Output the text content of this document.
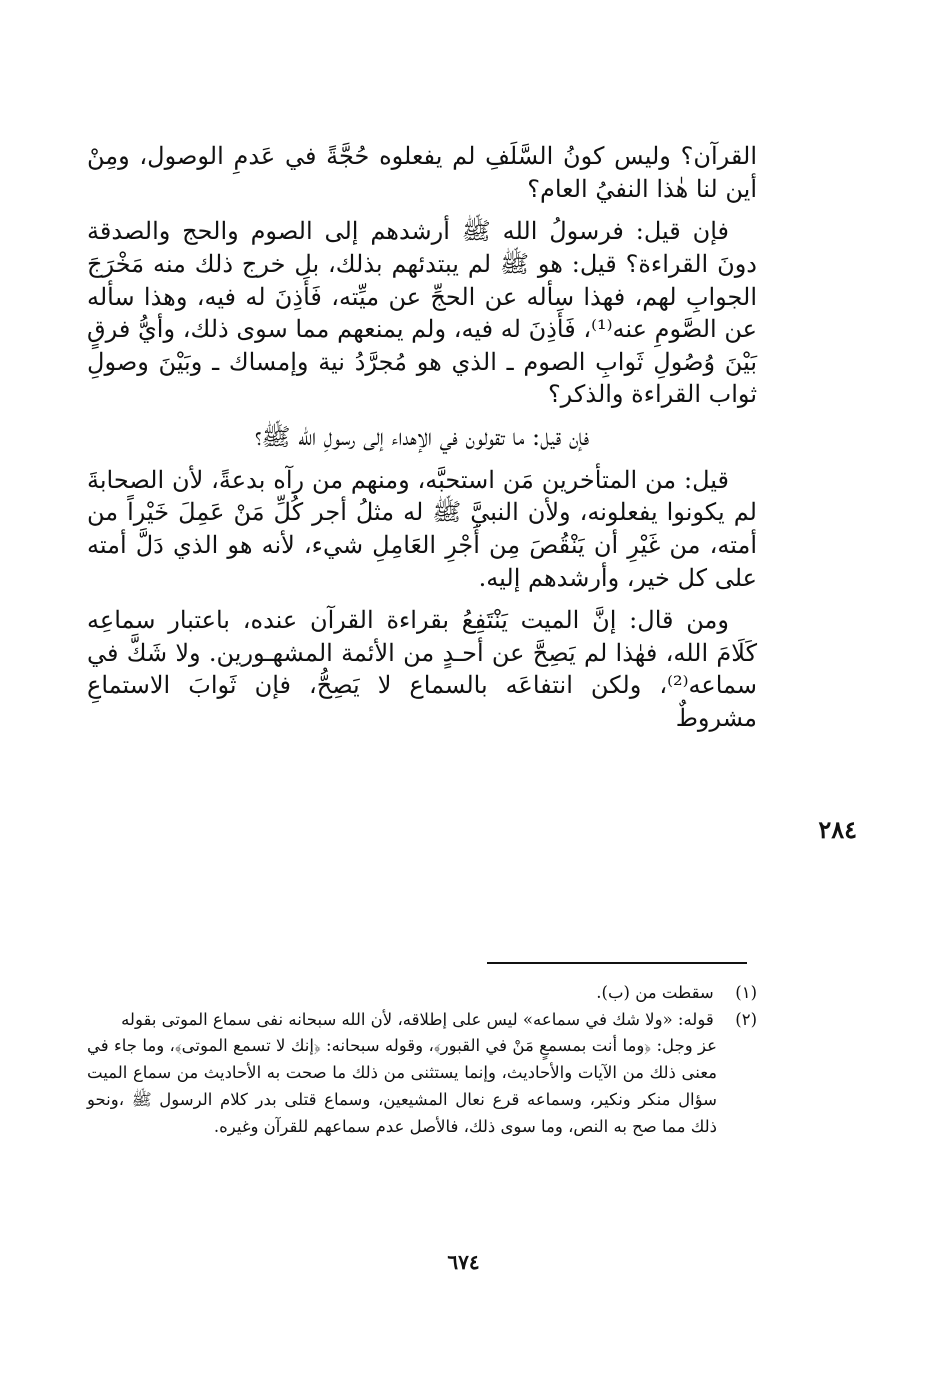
القرآن؟ وليس كونُ السَّلَفِ لم يفعلوه حُجَّةً في عَدمِ الوصول، ومِنْ أين لنا هٰذا النفيُ العام؟

فإن قيل: فرسولُ الله ﷺ أرشدهم إلى الصوم والحج والصدقة دونَ القراءة؟ قيل: هو ﷺ لم يبتدئهم بذلك، بل خرج ذلك منه مَخْرَجَ الجوابِ لهم، فهذا سأله عن الحجِّ عن ميِّته، فَأَذِنَ له فيه، وهذا سأله عن الصَّومِ عنه⁽¹⁾، فَأَذِنَ له فيه، ولم يمنعهم مما سوى ذلك، وأيُّ فرقٍ بَيْنَ وُصُولِ ثَوابِ الصوم ـ الذي هو مُجرَّدُ نية وإمساك ـ وبَيْنَ وصولِ ثواب القراءة والذكر؟

فإن قيل: ما تقولون في الإهداء إلى رسولِ الله ﷺ؟

قيل: من المتأخرين مَن استحبَّه، ومنهم من رآه بدعةً، لأن الصحابةَ لم يكونوا يفعلونه، ولأن النبيَّ ﷺ له مثلُ أجر كُلِّ مَنْ عَمِلَ خَيْراً من أمته، من غَيْرِ أن يَنْقُصَ مِن أَجْرِ العَامِلِ شيء، لأنه هو الذي دَلَّ أمته على كل خير، وأرشدهم إليه.

ومن قال: إنَّ الميت يَنْتَفِعُ بقراءة القرآن عنده، باعتبار سماعِه كَلَامَ الله، فهٰذا لم يَصِحَّ عن أحـدٍ من الأئمة المشهـورين. ولا شَكَّ في سماعه⁽²⁾، ولكن انتفاعَه بالسماع لا يَصِحُّ، فإن ثَوابَ الاستماعِ مشروطٌ

٢٨٤

(١) سقطت من (ب).

(٢) قوله: «ولا شك في سماعه» ليس على إطلاقه، لأن الله سبحانه نفى سماع الموتى بقوله

عز وجل: ﴿وما أنت بمسمعٍ مَنْ في القبور﴾، وقوله سبحانه: ﴿إنك لا تسمع الموتى﴾، وما جاء في معنى ذلك من الآيات والأحاديث، وإنما يستثنى من ذلك ما صحت به الأحاديث من سماع الميت سؤال منكر ونكير، وسماعه قرع نعال المشيعين، وسماع قتلى بدر كلام الرسول ﷺ ،ونحو ذلك مما صح به النص، وما سوى ذلك، فالأصل عدم سماعهم للقرآن وغيره.

٦٧٤
